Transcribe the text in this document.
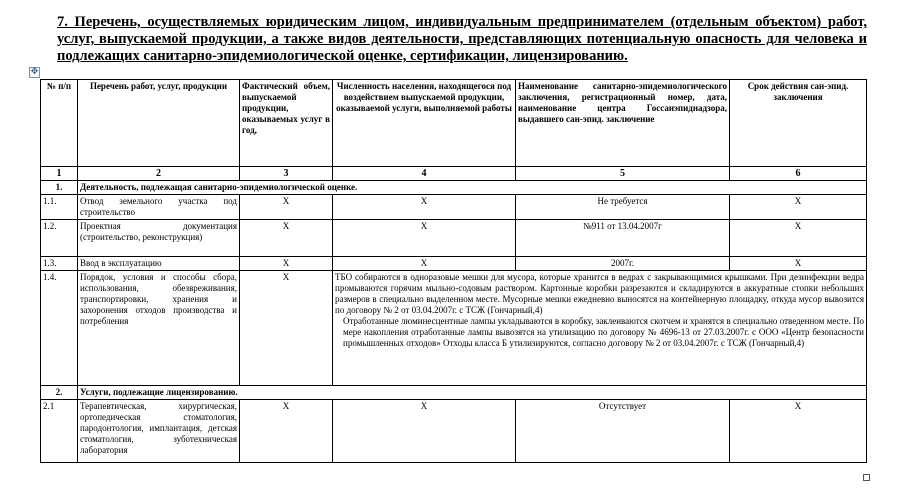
7. Перечень, осуществляемых юридическим лицом, индивидуальным предпринимателем (отдельным объектом) работ, услуг, выпускаемой продукции, а также видов деятельности, представляющих потенциальную опасность для человека и подлежащих санитарно-эпидемиологической оценке, сертификации, лицензированию.
✥
№ п/п	Перечень работ, услуг, продукции	Фактический объем, выпускаемой продукции, оказываемых услуг в год,	Численность населения, находящегося под воздействием выпускаемой продукции, оказываемой услуги, выполняемой работы	Наименование санитарно-эпидемиологического заключения, регистрационный номер, дата, наименование центра Госсанэпиднадзора, выдавшего сан-эпид. заключение	Срок действия сан-эпид. заключения
1	2	3	4	5	6
1.	Деятельность, подлежащая санитарно-эпидемиологической оценке.				
1.1.	Отвод земельного участка под строительство	Х	Х	Не требуется	Х
1.2.	Проектная документация (строительство, реконструкция)	Х	Х	№911 от 13.04.2007г	Х
1.3.	Ввод в эксплуатацию	Х	Х	2007г.	Х
1.4.	Порядок, условия и способы сбора, использования, обезвреживания, транспортировки, хранения и захоронения отходов производства и потребления	Х	ТБО собираются в одноразовые мешки для мусора, которые хранится в ведрах с закрывающимися крышками. При дезинфекции ведра промываются горячим мыльно-содовым раствором. Картонные коробки разрезаются и складируются в аккуратные стопки небольших размеров в специально выделенном месте. Мусорные мешки ежедневно выносятся на контейнерную площадку, откуда мусор вывозится по договору № 2 от 03.04.2007г. с ТСЖ (Гончарный,4)
Отработанные люминесцентные лампы укладываются в коробку, заклеиваются скотчем и хранятся в специально отведенном месте. По мере накопления отработанные лампы вывозятся на утилизацию по договору № 4696-13 от 27.03.2007г. с ООО «Центр безопасности промышленных отходов» Отходы класса Б утилизируются, согласно договору № 2 от 03.04.2007г. с ТСЖ (Гончарный,4)		

2.	Услуги, подлежащие лицензированию.				
2.1	Терапевтическая, хирургическая, ортопедическая стоматология, пародонтология, имплантация, детская стоматология, зуботехническая лаборатория	Х	Х	Отсутствует	Х
